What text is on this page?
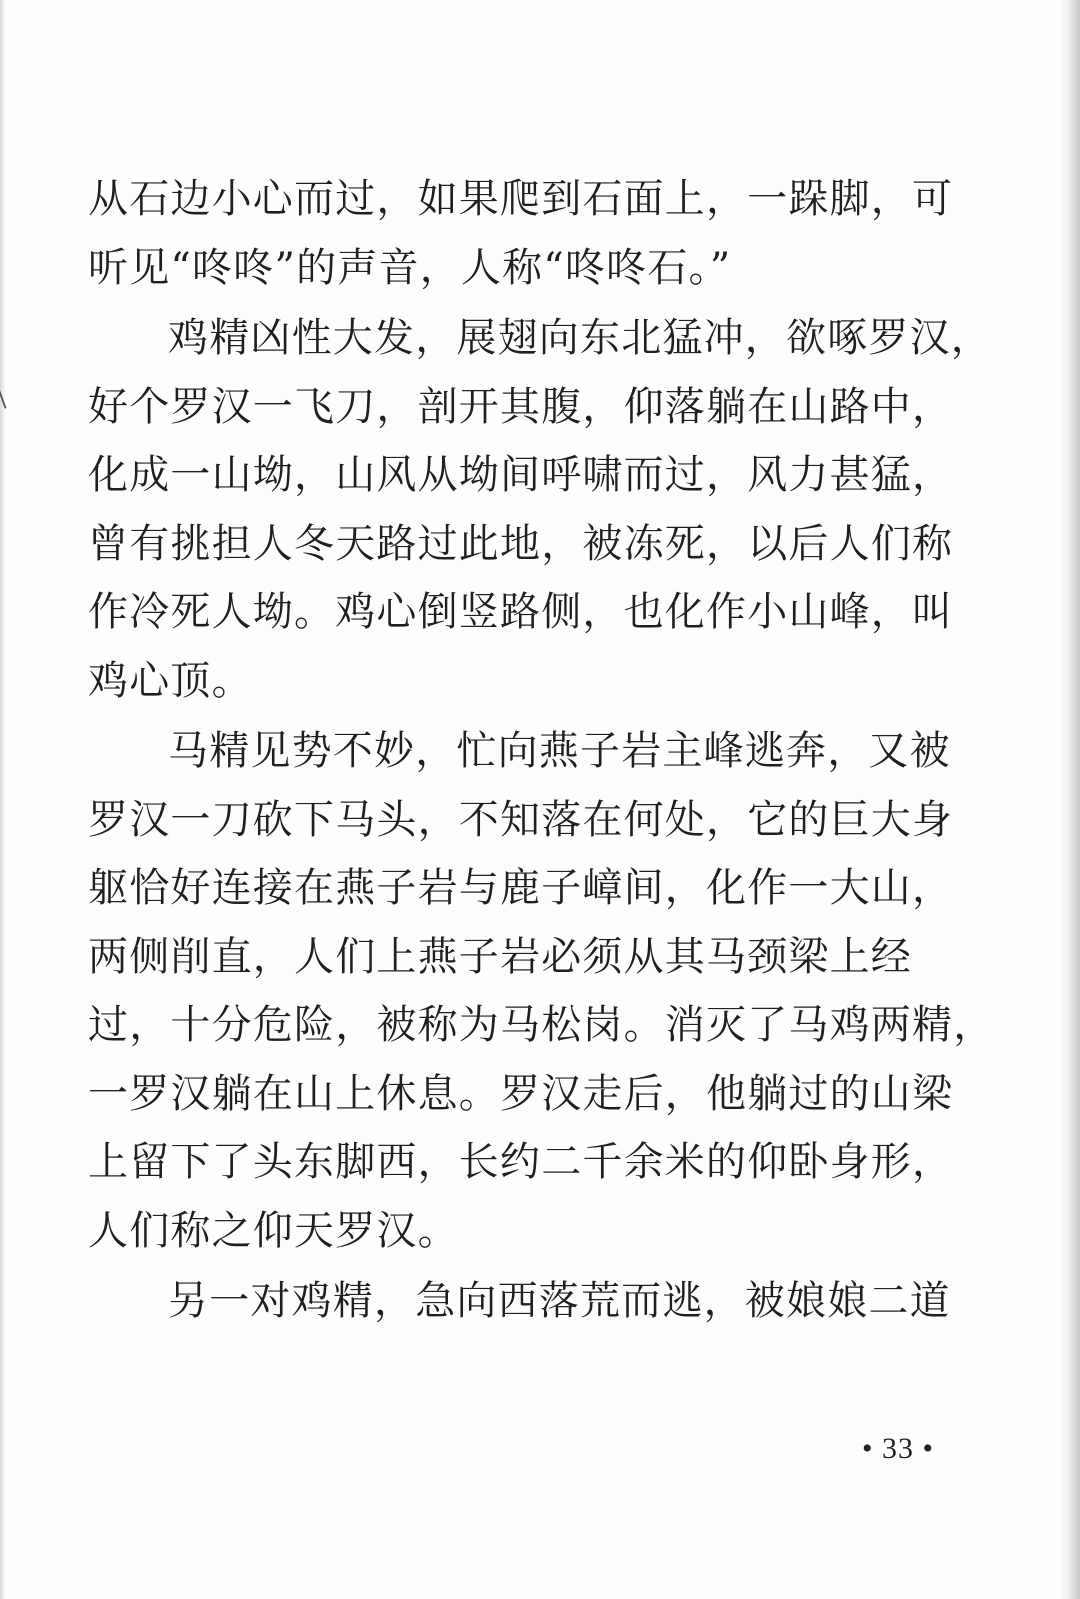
从石边小心而过，如果爬到石面上，一跺脚，可
听见“咚咚”的声音，人称“咚咚石。”
鸡精凶性大发，展翅向东北猛冲，欲啄罗汉，
好个罗汉一飞刀，剖开其腹，仰落躺在山路中，
化成一山坳，山风从坳间呼啸而过，风力甚猛，
曾有挑担人冬天路过此地，被冻死，以后人们称
作冷死人坳。鸡心倒竖路侧，也化作小山峰，叫
鸡心顶。
马精见势不妙，忙向燕子岩主峰逃奔，又被
罗汉一刀砍下马头，不知落在何处，它的巨大身
躯恰好连接在燕子岩与鹿子嶂间，化作一大山，
两侧削直，人们上燕子岩必须从其马颈梁上经
过，十分危险，被称为马松岗。消灭了马鸡两精，
一罗汉躺在山上休息。罗汉走后，他躺过的山梁
上留下了头东脚西，长约二千余米的仰卧身形，
人们称之仰天罗汉。
另一对鸡精，急向西落荒而逃，被娘娘二道
• 33 •
